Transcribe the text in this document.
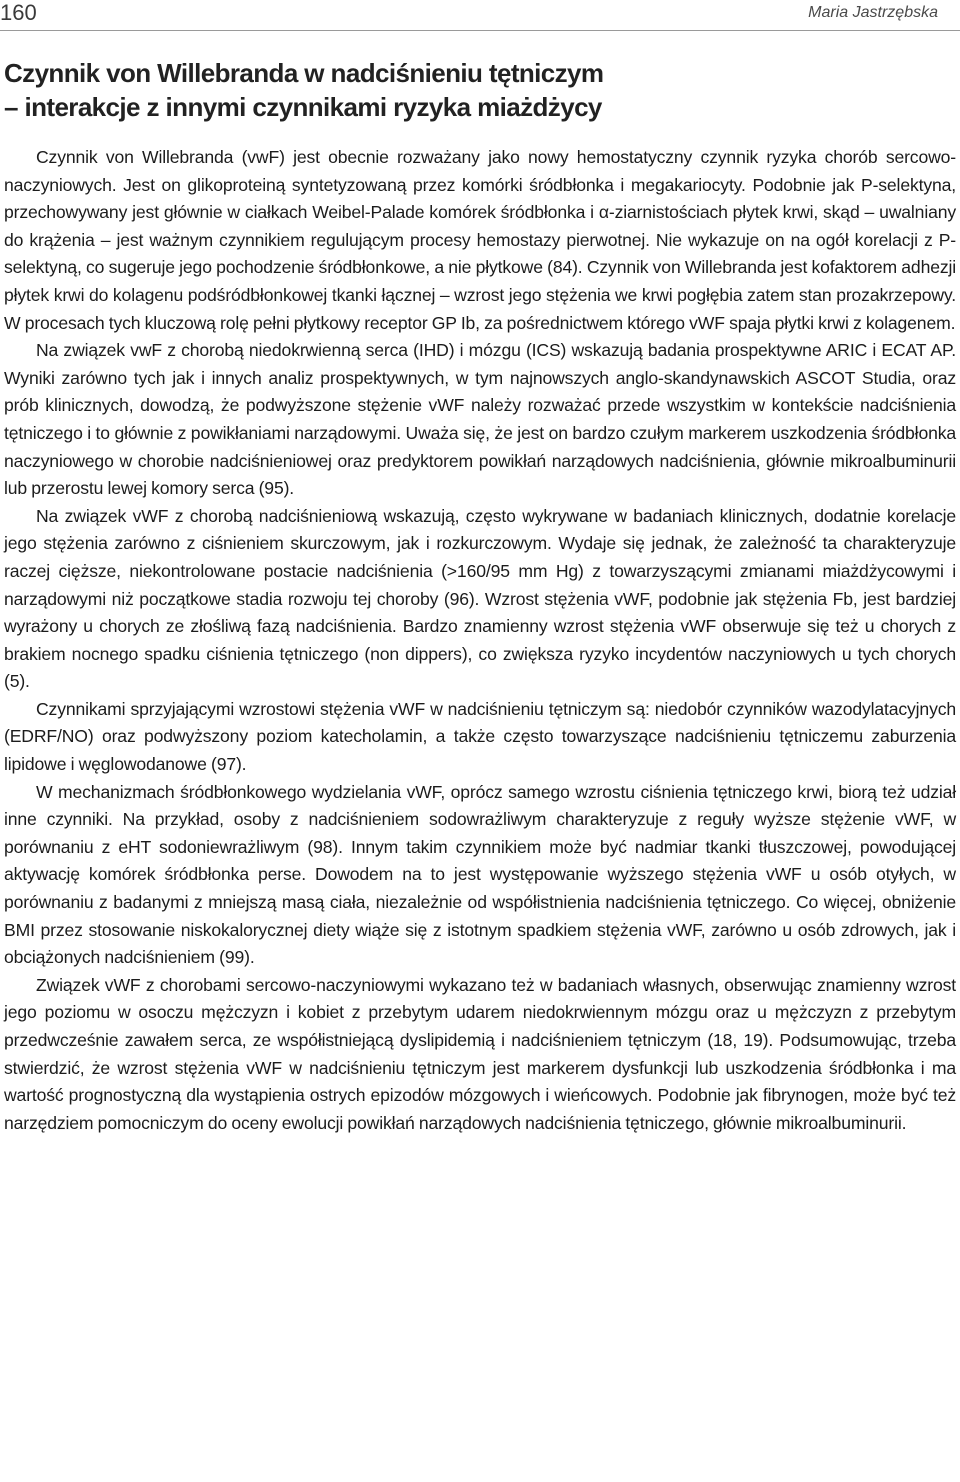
160	Maria Jastrzębska
Czynnik von Willebranda w nadciśnieniu tętniczym
– interakcje z innymi czynnikami ryzyka miażdżycy

Czynnik von Willebranda (vwF) jest obecnie rozważany jako nowy hemostatyczny czynnik ryzyka chorób sercowo-naczyniowych. Jest on glikoproteiną syntetyzowaną przez komórki śródbłonka i megakariocyty. Podobnie jak P-selektyna, przechowywany jest głównie w ciałkach Weibel-Palade komórek śródbłonka i α-ziarnistościach płytek krwi, skąd – uwalniany do krążenia – jest ważnym czynnikiem regulującym procesy hemostazy pierwotnej. Nie wykazuje on na ogół korelacji z P-selektyną, co sugeruje jego pochodzenie śródbłonkowe, a nie płytkowe (84). Czynnik von Willebranda jest kofaktorem adhezji płytek krwi do kolagenu podśródbłonkowej tkanki łącznej – wzrost jego stężenia we krwi pogłębia zatem stan prozakrzepowy. W procesach tych kluczową rolę pełni płytkowy receptor GP Ib, za pośrednictwem którego vWF spaja płytki krwi z kolagenem.

Na związek vwF z chorobą niedokrwienną serca (IHD) i mózgu (ICS) wskazują badania prospektywne ARIC i ECAT AP. Wyniki zarówno tych jak i innych analiz prospektywnych, w tym najnowszych anglo-skandynawskich ASCOT Studia, oraz prób klinicznych, dowodzą, że podwyższone stężenie vWF należy rozważać przede wszystkim w kontekście nadciśnienia tętniczego i to głównie z powikłaniami narządowymi. Uważa się, że jest on bardzo czułym markerem uszkodzenia śródbłonka naczyniowego w chorobie nadciśnieniowej oraz predyktorem powikłań narządowych nadciśnienia, głównie mikroalbuminurii lub przerostu lewej komory serca (95).

Na związek vWF z chorobą nadciśnieniową wskazują, często wykrywane w badaniach klinicznych, dodatnie korelacje jego stężenia zarówno z ciśnieniem skurczowym, jak i rozkurczowym. Wydaje się jednak, że zależność ta charakteryzuje raczej cięższe, niekontrolowane postacie nadciśnienia (>160/95 mm Hg) z towarzyszącymi zmianami miażdżycowymi i narządowymi niż początkowe stadia rozwoju tej choroby (96). Wzrost stężenia vWF, podobnie jak stężenia Fb, jest bardziej wyrażony u chorych ze złośliwą fazą nadciśnienia. Bardzo znamienny wzrost stężenia vWF obserwuje się też u chorych z brakiem nocnego spadku ciśnienia tętniczego (non dippers), co zwiększa ryzyko incydentów naczyniowych u tych chorych (5).

Czynnikami sprzyjającymi wzrostowi stężenia vWF w nadciśnieniu tętniczym są: niedobór czynników wazodylatacyjnych (EDRF/NO) oraz podwyższony poziom katecholamin, a także często towarzyszące nadciśnieniu tętniczemu zaburzenia lipidowe i węglowodanowe (97).

W mechanizmach śródbłonkowego wydzielania vWF, oprócz samego wzrostu ciśnienia tętniczego krwi, biorą też udział inne czynniki. Na przykład, osoby z nadciśnieniem sodowrażliwym charakteryzuje z reguły wyższe stężenie vWF, w porównaniu z eHT sodoniewrażliwym (98). Innym takim czynnikiem może być nadmiar tkanki tłuszczowej, powodującej aktywację komórek śródbłonka perse. Dowodem na to jest występowanie wyższego stężenia vWF u osób otyłych, w porównaniu z badanymi z mniejszą masą ciała, niezależnie od współistnienia nadciśnienia tętniczego. Co więcej, obniżenie BMI przez stosowanie niskokalorycznej diety wiąże się z istotnym spadkiem stężenia vWF, zarówno u osób zdrowych, jak i obciążonych nadciśnieniem (99).

Związek vWF z chorobami sercowo-naczyniowymi wykazano też w badaniach własnych, obserwując znamienny wzrost jego poziomu w osoczu mężczyzn i kobiet z przebytym udarem niedokrwiennym mózgu oraz u mężczyzn z przebytym przedwcześnie zawałem serca, ze współistniejącą dyslipidemią i nadciśnieniem tętniczym (18, 19). Podsumowując, trzeba stwierdzić, że wzrost stężenia vWF w nadciśnieniu tętniczym jest markerem dysfunkcji lub uszkodzenia śródbłonka i ma wartość prognostyczną dla wystąpienia ostrych epizodów mózgowych i wieńcowych. Podobnie jak fibrynogen, może być też narzędziem pomocniczym do oceny ewolucji powikłań narządowych nadciśnienia tętniczego, głównie mikroalbuminurii.
